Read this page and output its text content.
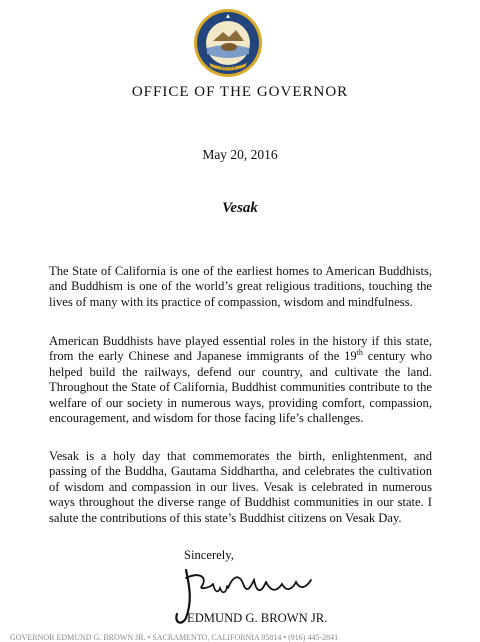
XXXIX
OFFICE OF THE GOVERNOR
May 20, 2016
Vesak

The State of California is one of the earliest homes to American Buddhists, and Buddhism is one of the world’s great religious traditions, touching the lives of many with its practice of compassion, wisdom and mindfulness.

American Buddhists have played essential roles in the history if this state, from the early Chinese and Japanese immigrants of the 19th century who helped build the railways, defend our country, and cultivate the land. Throughout the State of California, Buddhist communities contribute to the welfare of our society in numerous ways, providing comfort, compassion, encouragement, and wisdom for those facing life’s challenges.

Vesak is a holy day that commemorates the birth, enlightenment, and passing of the Buddha, Gautama Siddhartha, and celebrates the cultivation of wisdom and compassion in our lives. Vesak is celebrated in numerous ways throughout the diverse range of Buddhist communities in our state. I salute the contributions of this state’s Buddhist citizens on Vesak Day.

Sincerely,
EDMUND G. BROWN JR.
GOVERNOR EDMUND G. BROWN JR. • SACRAMENTO, CALIFORNIA 95814 • (916) 445-2841
